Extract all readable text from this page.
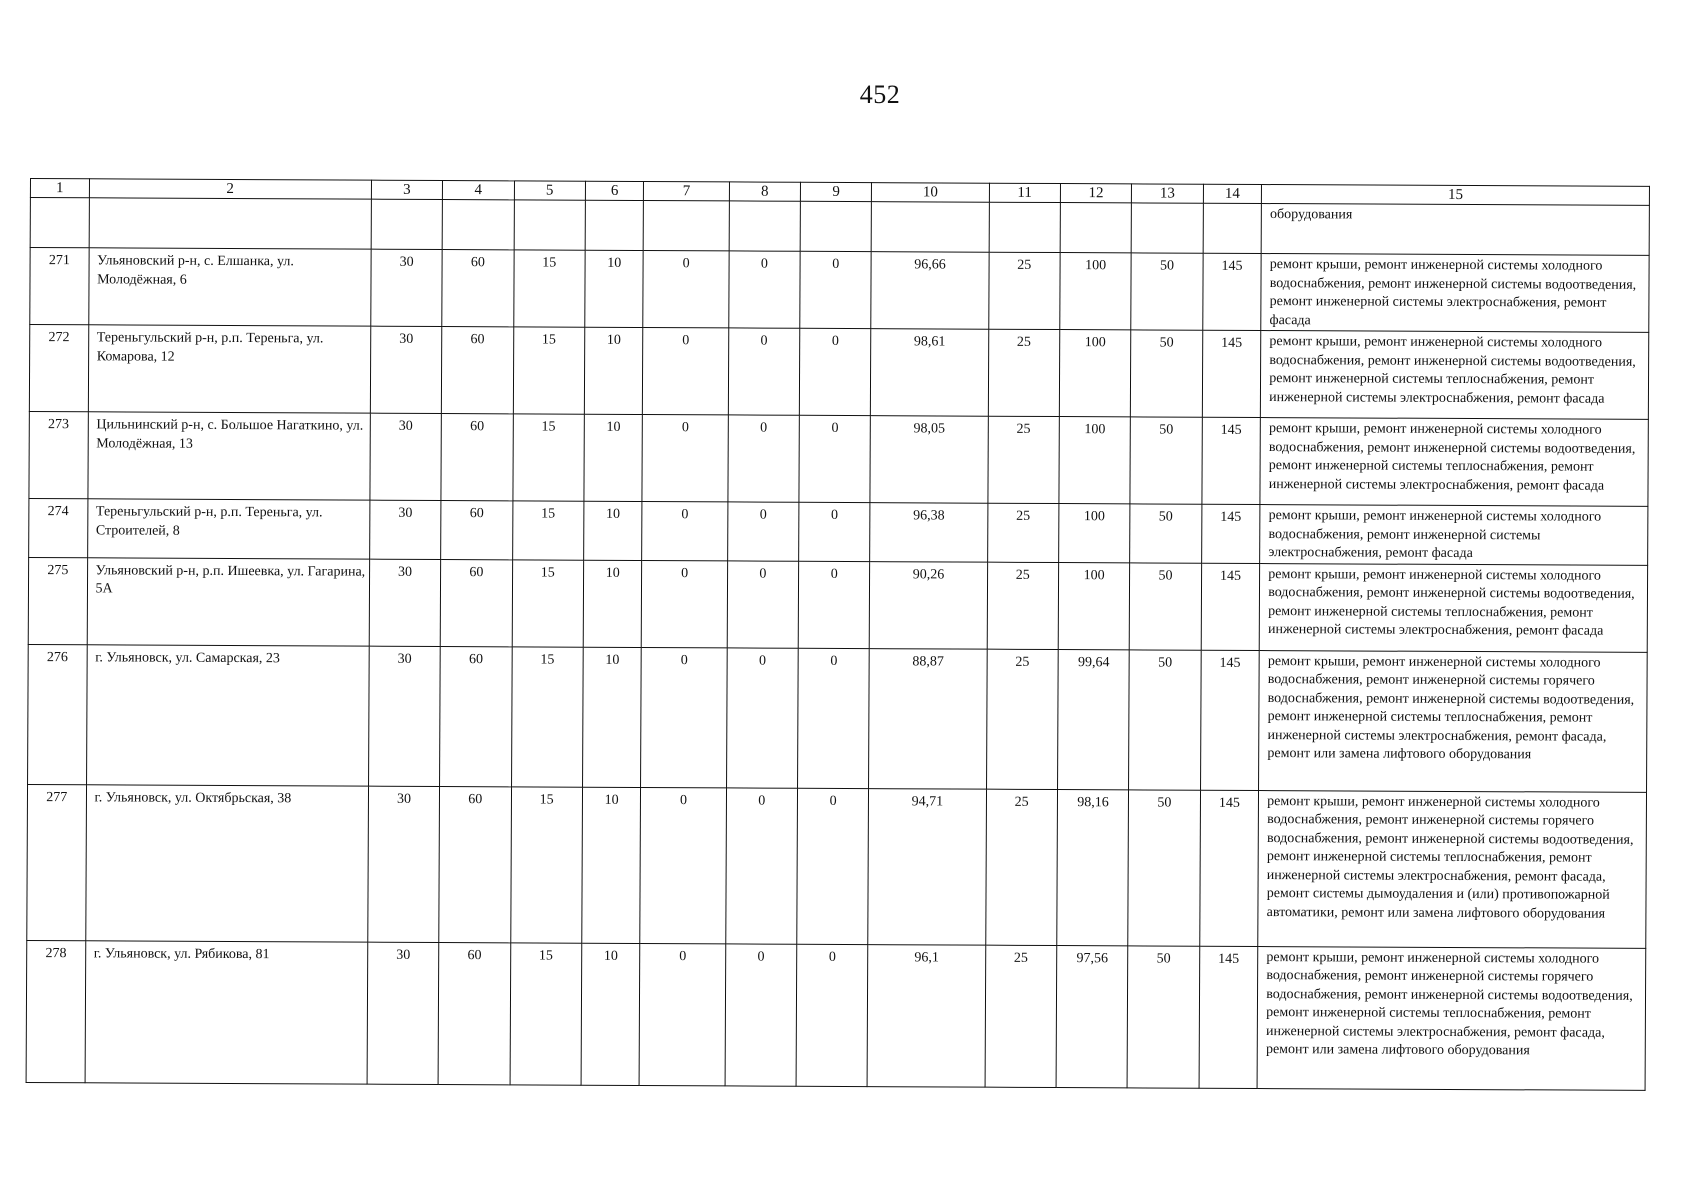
452
1	2	3	4	5	6	7	8	9	10	11	12	13	14	15
														оборудования
271	Ульяновский р-н, с. Елшанка, ул. Молодёжная, 6	30	60	15	10	0	0	0	96,66	25	100	50	145	ремонт крыши, ремонт инженерной системы холодного водоснабжения, ремонт инженерной системы водоотведения, ремонт инженерной системы электроснабжения, ремонт фасада
272	Тереньгульский р-н, р.п. Тереньга, ул. Комарова, 12	30	60	15	10	0	0	0	98,61	25	100	50	145	ремонт крыши, ремонт инженерной системы холодного водоснабжения, ремонт инженерной системы водоотведения, ремонт инженерной системы теплоснабжения, ремонт инженерной системы электроснабжения, ремонт фасада
273	Цильнинский р-н, с. Большое Нагаткино, ул. Молодёжная, 13	30	60	15	10	0	0	0	98,05	25	100	50	145	ремонт крыши, ремонт инженерной системы холодного водоснабжения, ремонт инженерной системы водоотведения, ремонт инженерной системы теплоснабжения, ремонт инженерной системы электроснабжения, ремонт фасада
274	Тереньгульский р-н, р.п. Тереньга, ул. Строителей, 8	30	60	15	10	0	0	0	96,38	25	100	50	145	ремонт крыши, ремонт инженерной системы холодного водоснабжения, ремонт инженерной системы электроснабжения, ремонт фасада
275	Ульяновский р-н, р.п. Ишеевка, ул. Гагарина, 5А	30	60	15	10	0	0	0	90,26	25	100	50	145	ремонт крыши, ремонт инженерной системы холодного водоснабжения, ремонт инженерной системы водоотведения, ремонт инженерной системы теплоснабжения, ремонт инженерной системы электроснабжения, ремонт фасада
276	г. Ульяновск, ул. Самарская, 23	30	60	15	10	0	0	0	88,87	25	99,64	50	145	ремонт крыши, ремонт инженерной системы холодного водоснабжения, ремонт инженерной системы горячего водоснабжения, ремонт инженерной системы водоотведения, ремонт инженерной системы теплоснабжения, ремонт инженерной системы электроснабжения, ремонт фасада, ремонт или замена лифтового оборудования
277	г. Ульяновск, ул. Октябрьская, 38	30	60	15	10	0	0	0	94,71	25	98,16	50	145	ремонт крыши, ремонт инженерной системы холодного водоснабжения, ремонт инженерной системы горячего водоснабжения, ремонт инженерной системы водоотведения, ремонт инженерной системы теплоснабжения, ремонт инженерной системы электроснабжения, ремонт фасада, ремонт системы дымоудаления и (или) противопожарной автоматики, ремонт или замена лифтового оборудования
278	г. Ульяновск, ул. Рябикова, 81	30	60	15	10	0	0	0	96,1	25	97,56	50	145	ремонт крыши, ремонт инженерной системы холодного водоснабжения, ремонт инженерной системы горячего водоснабжения, ремонт инженерной системы водоотведения, ремонт инженерной системы теплоснабжения, ремонт инженерной системы электроснабжения, ремонт фасада, ремонт или замена лифтового оборудования
